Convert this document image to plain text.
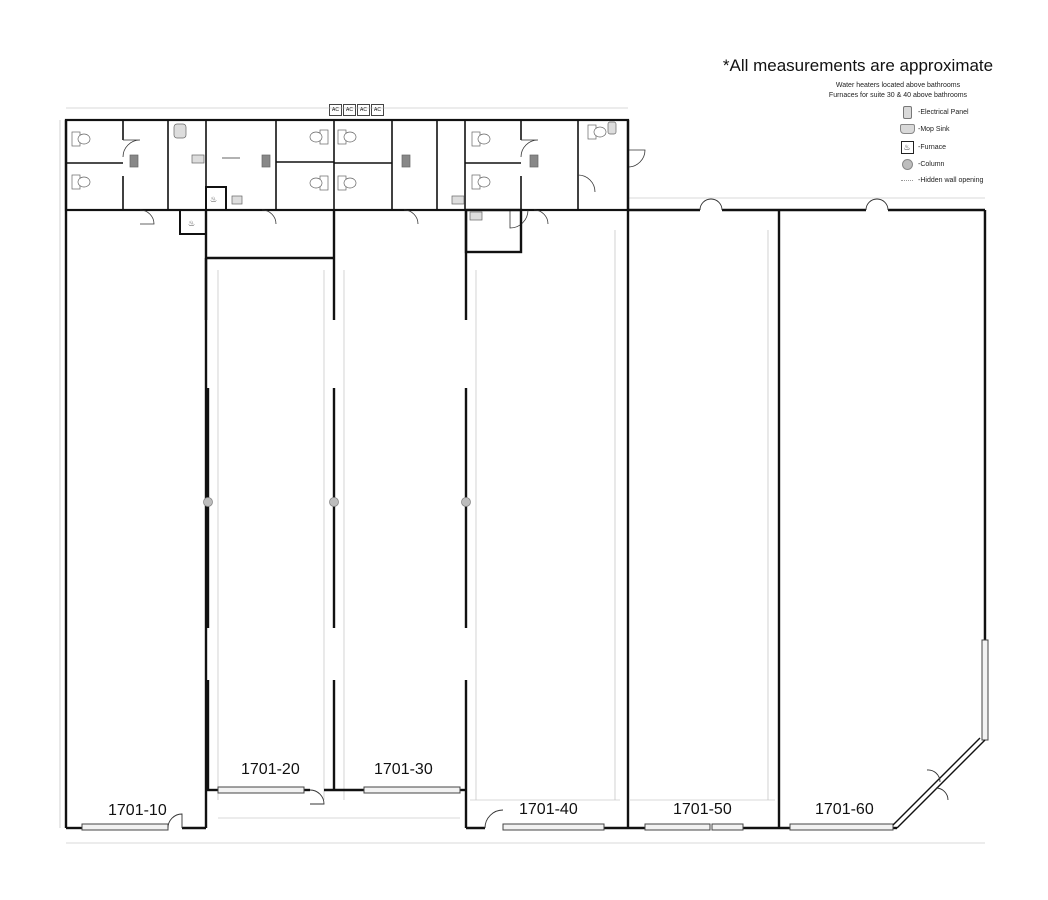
*All measurements are approximate
Water heaters located above bathrooms
Furnaces for suite 30 & 40 above bathrooms
-Electrical Panel
-Mop Sink
♨	-Furnace
-Column
-Hidden wall opening
AC	AC	AC	AC
♨
♨
1701-10
1701-20	1701-30
1701-40	1701-50	1701-60
